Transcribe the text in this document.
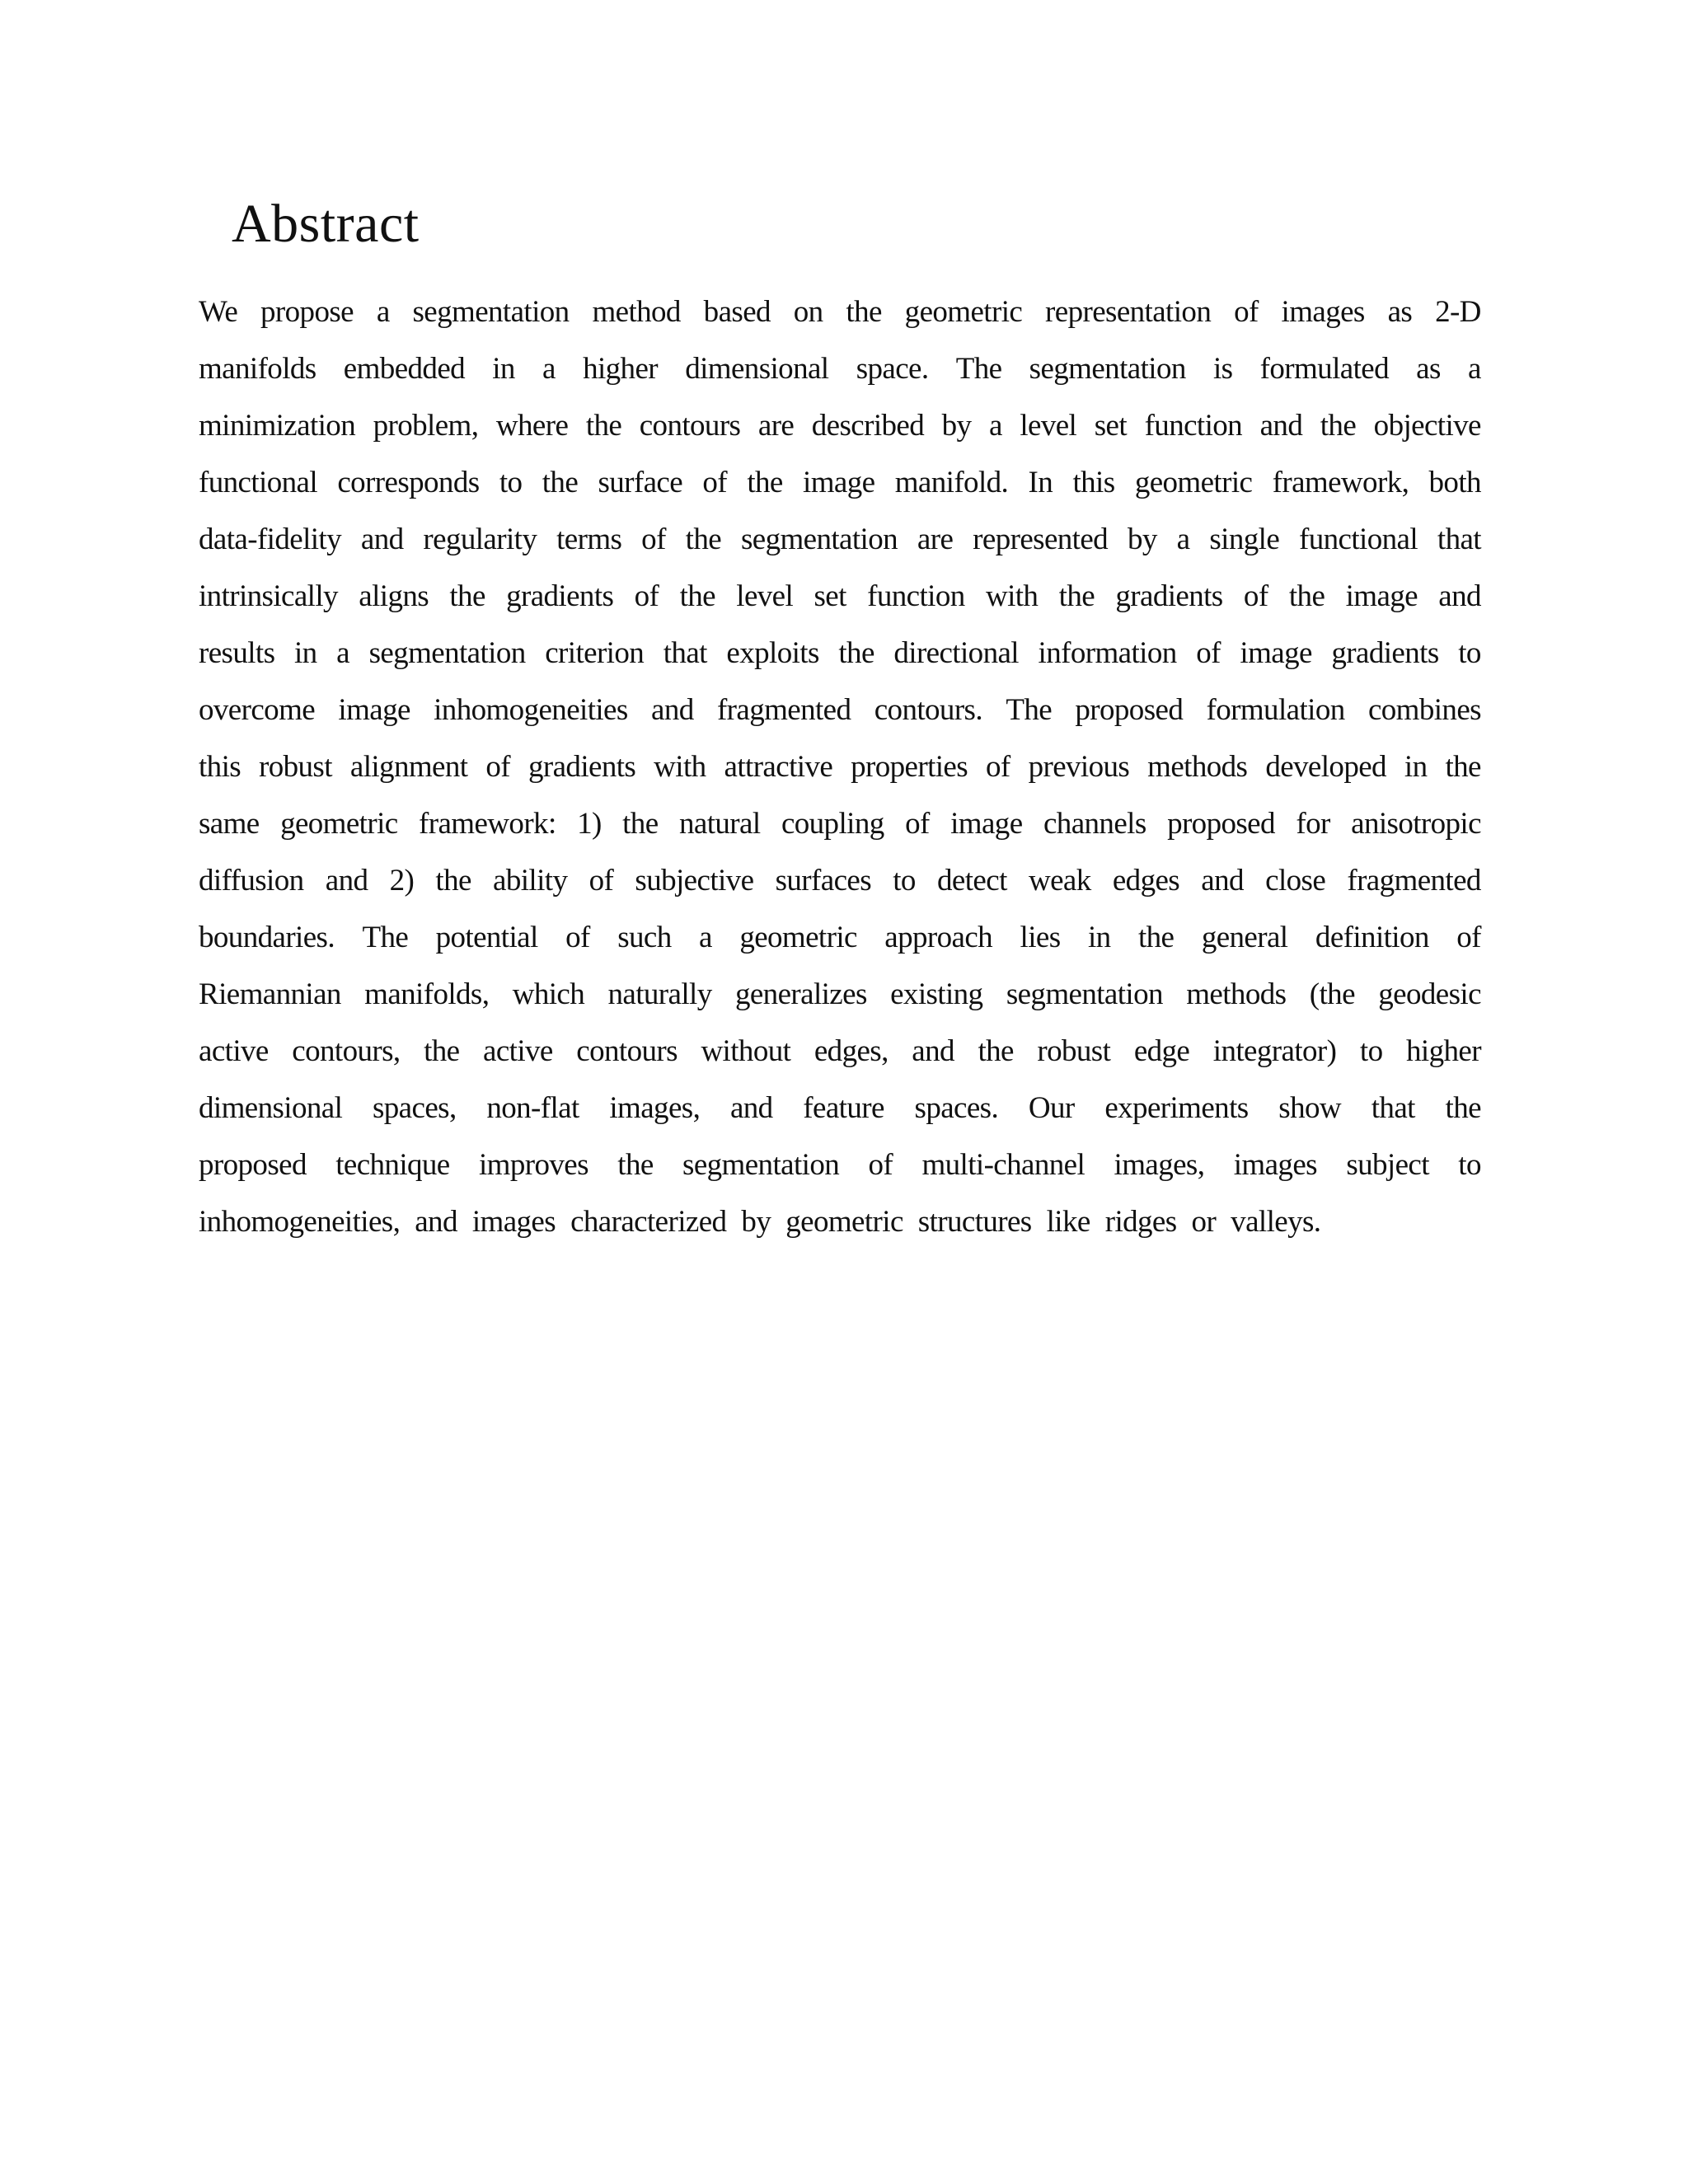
Abstract
We propose a segmentation method based on the geometric representation of images as 2-D
manifolds embedded in a higher dimensional space. The segmentation is formulated as a
minimization problem, where the contours are described by a level set function and the objective
functional corresponds to the surface of the image manifold. In this geometric framework, both
data-fidelity and regularity terms of the segmentation are represented by a single functional that
intrinsically aligns the gradients of the level set function with the gradients of the image and
results in a segmentation criterion that exploits the directional information of image gradients to
overcome image inhomogeneities and fragmented contours. The proposed formulation combines
this robust alignment of gradients with attractive properties of previous methods developed in the
same geometric framework: 1) the natural coupling of image channels proposed for anisotropic
diffusion and 2) the ability of subjective surfaces to detect weak edges and close fragmented
boundaries. The potential of such a geometric approach lies in the general definition of
Riemannian manifolds, which naturally generalizes existing segmentation methods (the geodesic
active contours, the active contours without edges, and the robust edge integrator) to higher
dimensional spaces, non-flat images, and feature spaces. Our experiments show that the
proposed technique improves the segmentation of multi-channel images, images subject to
inhomogeneities, and images characterized by geometric structures like ridges or valleys.
